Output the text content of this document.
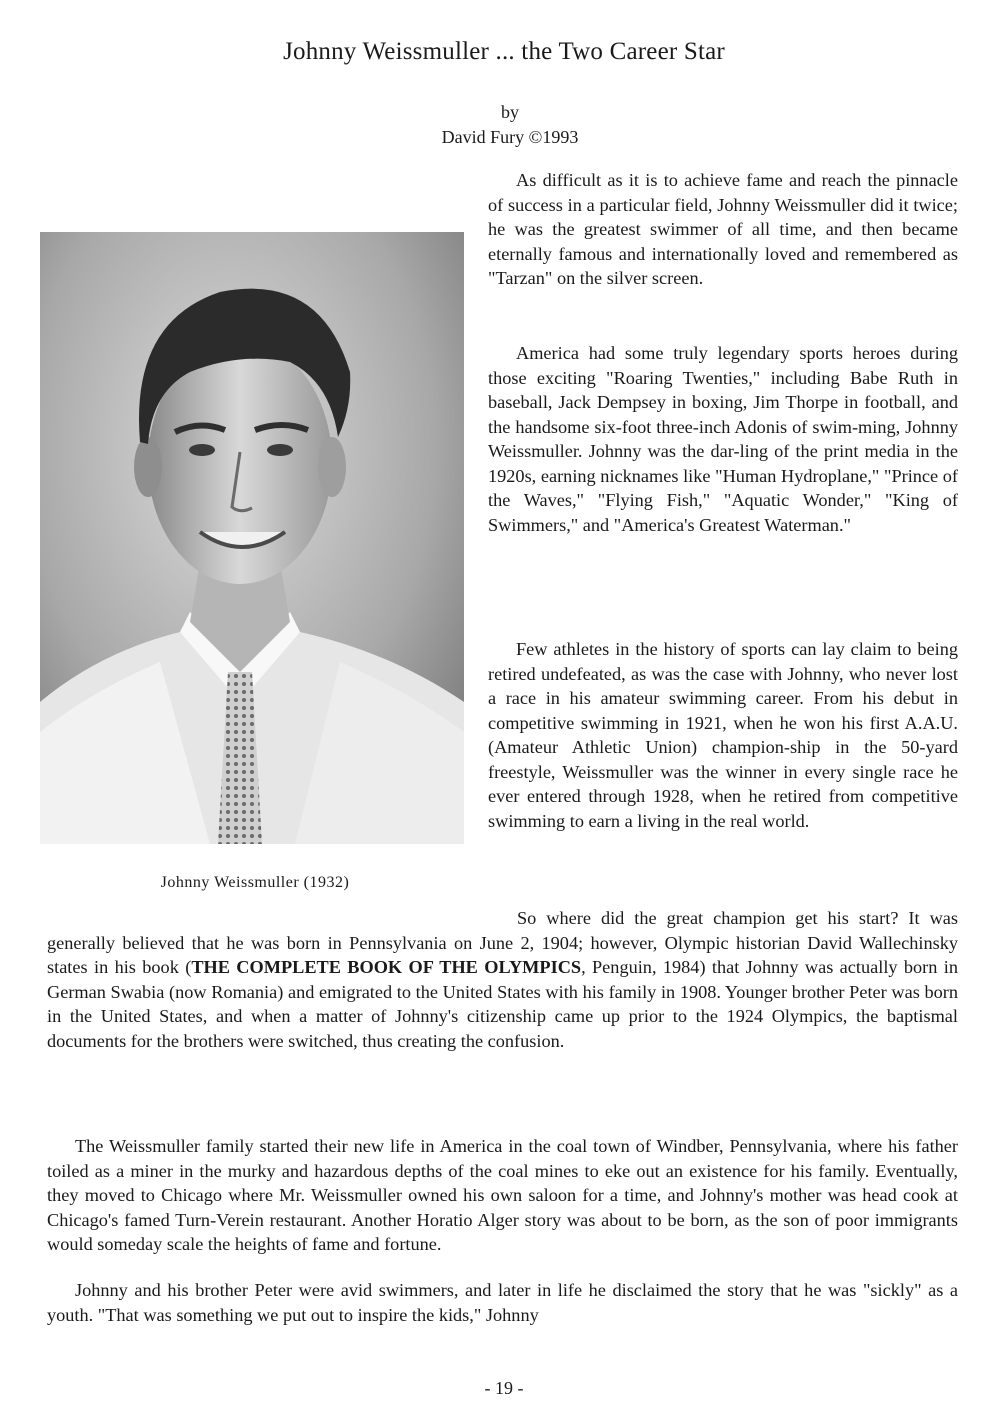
Johnny Weissmuller ... the Two Career Star
by
David Fury ©1993
Johnny Weissmuller (1932)

As difficult as it is to achieve fame and reach the pinnacle of success in a particular field, Johnny Weissmuller did it twice; he was the greatest swimmer of all time, and then became eternally famous and internationally loved and remembered as "Tarzan" on the silver screen.

America had some truly legendary sports heroes during those exciting "Roaring Twenties," including Babe Ruth in baseball, Jack Dempsey in boxing, Jim Thorpe in football, and the handsome six-foot three-inch Adonis of swim-ming, Johnny Weissmuller. Johnny was the dar-ling of the print media in the 1920s, earning nicknames like "Human Hydroplane," "Prince of the Waves," "Flying Fish," "Aquatic Wonder," "King of Swimmers," and "America's Greatest Waterman."

Few athletes in the history of sports can lay claim to being retired undefeated, as was the case with Johnny, who never lost a race in his amateur swimming career. From his debut in competitive swimming in 1921, when he won his first A.A.U. (Amateur Athletic Union) champion-ship in the 50-yard freestyle, Weissmuller was the winner in every single race he ever entered through 1928, when he retired from competitive swimming to earn a living in the real world.

So where did the great champion get his start? It was generally believed that he was born in Pennsylvania on June 2, 1904; however, Olympic historian David Wallechinsky states in his book (THE COMPLETE BOOK OF THE OLYMPICS, Penguin, 1984) that Johnny was actually born in German Swabia (now Romania) and emigrated to the United States with his family in 1908. Younger brother Peter was born in the United States, and when a matter of Johnny's citizenship came up prior to the 1924 Olympics, the baptismal documents for the brothers were switched, thus creating the confusion.

The Weissmuller family started their new life in America in the coal town of Windber, Pennsylvania, where his father toiled as a miner in the murky and hazardous depths of the coal mines to eke out an existence for his family. Eventually, they moved to Chicago where Mr. Weissmuller owned his own saloon for a time, and Johnny's mother was head cook at Chicago's famed Turn-Verein restaurant. Another Horatio Alger story was about to be born, as the son of poor immigrants would someday scale the heights of fame and fortune.

Johnny and his brother Peter were avid swimmers, and later in life he disclaimed the story that he was "sickly" as a youth. "That was something we put out to inspire the kids," Johnny

- 19 -
